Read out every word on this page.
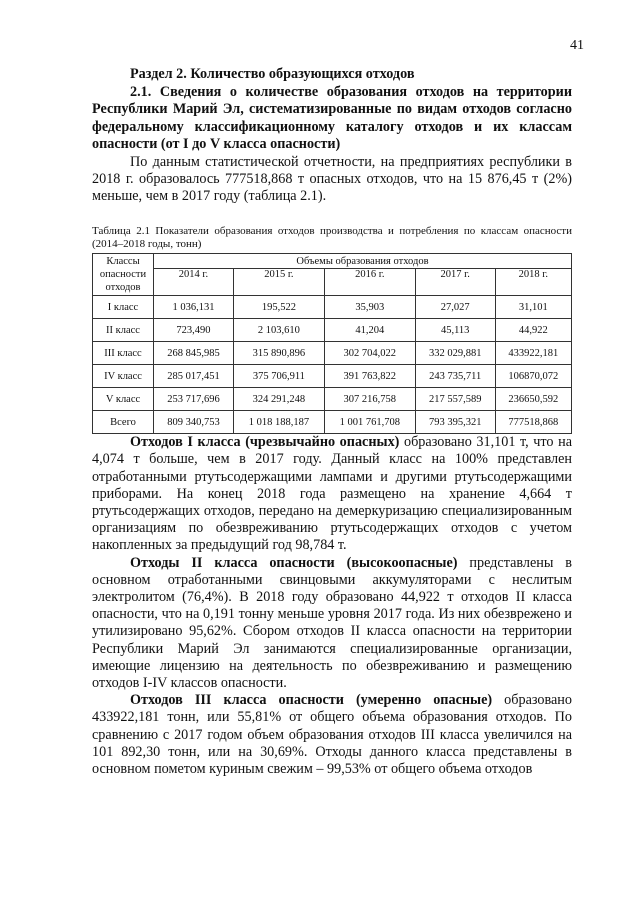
41

Раздел 2. Количество образующихся отходов

2.1. Сведения о количестве образования отходов на территории Республики Марий Эл, систематизированные по видам отходов согласно федеральному классификационному каталогу отходов и их классам опасности (от I до V класса опасности)

По данным статистической отчетности, на предприятиях республики в 2018 г. образовалось 777518,868 т опасных отходов, что на 15 876,45 т (2%) меньше, чем в 2017 году (таблица 2.1).

Таблица 2.1 Показатели образования отходов производства и потребления по классам опасности (2014–2018 годы, тонн)
Классы опасности отходов	Объемы образования отходов				
	2014 г.	2015 г.	2016 г.	2017 г.	2018 г.
I класс	1 036,131	195,522	35,903	27,027	31,101
II класс	723,490	2 103,610	41,204	45,113	44,922
III класс	268 845,985	315 890,896	302 704,022	332 029,881	433922,181
IV класс	285 017,451	375 706,911	391 763,822	243 735,711	106870,072
V класс	253 717,696	324 291,248	307 216,758	217 557,589	236650,592
Всего	809 340,753	1 018 188,187	1 001 761,708	793 395,321	777518,868

Отходов I класса (чрезвычайно опасных) образовано 31,101 т, что на 4,074 т больше, чем в 2017 году. Данный класс на 100% представлен отработанными ртутьсодержащими лампами и другими ртутьсодержащими приборами. На конец 2018 года размещено на хранение 4,664 т ртутьсодержащих отходов, передано на демеркуризацию специализированным организациям по обезвреживанию ртутьсодержащих отходов с учетом накопленных за предыдущий год 98,784 т.

Отходы II класса опасности (высокоопасные) представлены в основном отработанными свинцовыми аккумуляторами с неслитым электролитом (76,4%). В 2018 году образовано 44,922 т отходов II класса опасности, что на 0,191 тонну меньше уровня 2017 года. Из них обезврежено и утилизировано 95,62%. Сбором отходов II класса опасности на территории Республики Марий Эл занимаются специализированные организации, имеющие лицензию на деятельность по обезвреживанию и размещению отходов I-IV классов опасности.

Отходов III класса опасности (умеренно опасные) образовано 433922,181 тонн, или 55,81% от общего объема образования отходов. По сравнению с 2017 годом объем образования отходов III класса увеличился на 101 892,30 тонн, или на 30,69%. Отходы данного класса представлены в основном пометом куриным свежим – 99,53% от общего объема отходов
